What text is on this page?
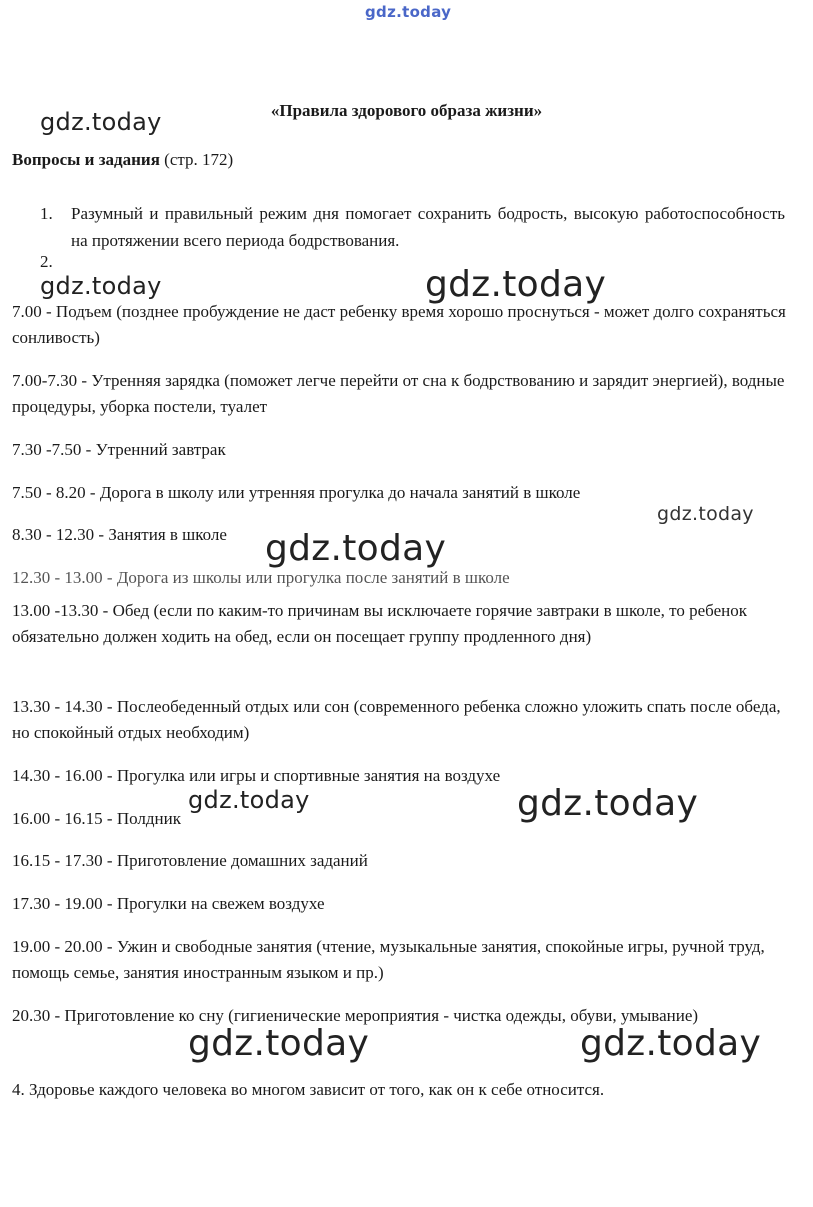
gdz.today
«Правила здорового образа жизни»
Вопросы и задания (стр. 172)
1. Разумный и правильный режим дня помогает сохранить бодрость, высокую работоспособность на протяжении всего периода бодрствования.
2.
7.00 - Подъем (позднее пробуждение не даст ребенку время хорошо проснуться - может долго сохраняться сонливость)
7.00-7.30 - Утренняя зарядка (поможет легче перейти от сна к бодрствованию и зарядит энергией), водные процедуры, уборка постели, туалет
7.30 -7.50 - Утренний завтрак
7.50 - 8.20 - Дорога в школу или утренняя прогулка до начала занятий в школе
8.30 - 12.30 - Занятия в школе
12.30 - 13.00 - Дорога из школы или прогулка после занятий в школе
13.00 -13.30 - Обед (если по каким-то причинам вы исключаете горячие завтраки в школе, то ребенок обязательно должен ходить на обед, если он посещает группу продленного дня)
13.30 - 14.30 - Послеобеденный отдых или сон (современного ребенка сложно уложить спать после обеда, но спокойный отдых необходим)
14.30 - 16.00 - Прогулка или игры и спортивные занятия на воздухе
16.00 - 16.15 - Полдник
16.15 - 17.30 - Приготовление домашних заданий
17.30 - 19.00 - Прогулки на свежем воздухе
19.00 - 20.00 - Ужин и свободные занятия (чтение, музыкальные занятия, спокойные игры, ручной труд, помощь семье, занятия иностранным языком и пр.)
20.30 - Приготовление ко сну (гигиенические мероприятия - чистка одежды, обуви, умывание)
4. Здоровье каждого человека во многом зависит от того, как он к себе относится.
gdz.today
gdz.today	gdz.today
gdz.today
gdz.today
gdz.today	gdz.today
gdz.today	gdz.today
